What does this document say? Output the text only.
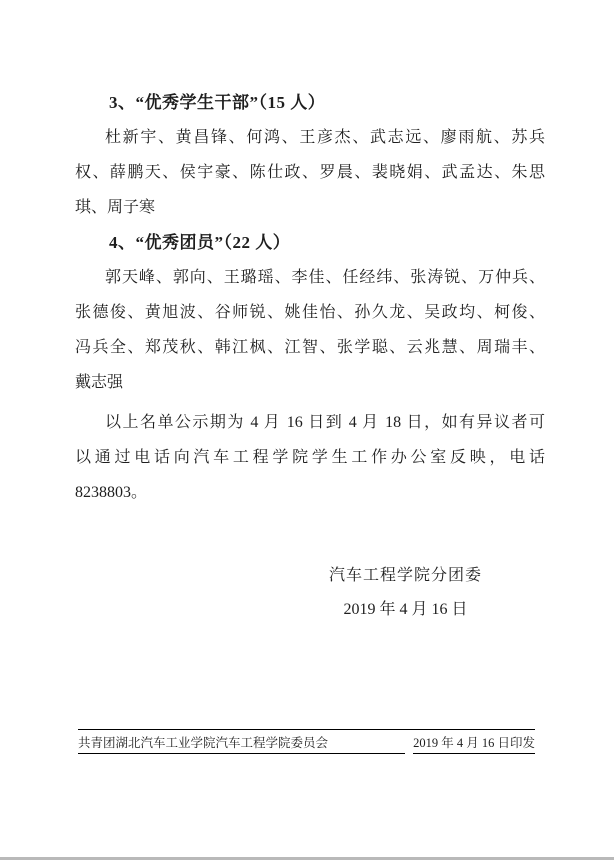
3、“优秀学生干部”（15 人）
杜新宇、黄昌锋、何鸿、王彦杰、武志远、廖雨航、苏兵
权、薛鹏天、侯宇豪、陈仕政、罗晨、裴晓娟、武孟达、朱思
琪、周子寒
4、“优秀团员”（22 人）
郭天峰、郭向、王璐瑶、李佳、任经纬、张涛锐、万仲兵、
张德俊、黄旭波、谷师锐、姚佳怡、孙久龙、吴政均、柯俊、
冯兵全、郑茂秋、韩江枫、江智、张学聪、云兆慧、周瑞丰、
戴志强
以上名单公示期为 4 月 16 日到 4 月 18 日，如有异议者可
以通过电话向汽车工程学院学生工作办公室反映，电话
8238803。
汽车工程学院分团委
2019 年 4 月 16 日
共青团湖北汽车工业学院汽车工程学院委员会	2019 年 4 月 16 日印发
